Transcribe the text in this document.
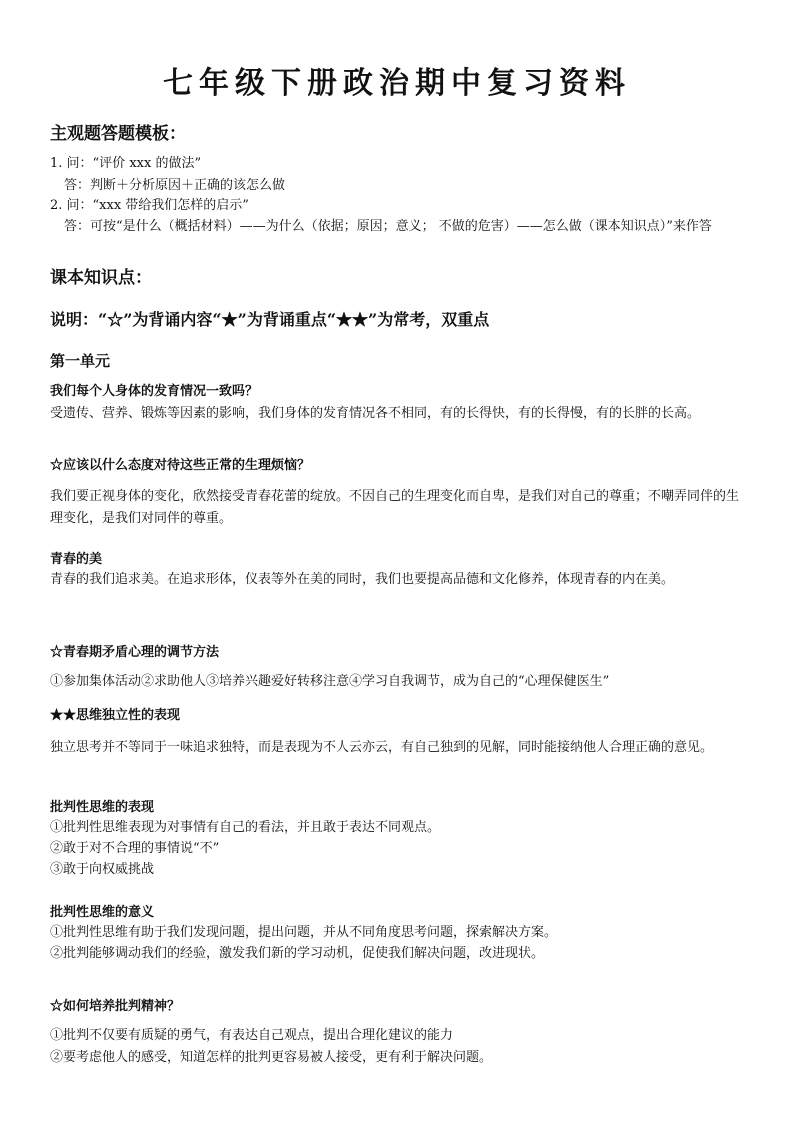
七年级下册政治期中复习资料
主观题答题模板：
1. 问：“评价 xxx 的做法”
答：判断＋分析原因＋正确的该怎么做
2. 问：“xxx 带给我们怎样的启示”
答：可按“是什么（概括材料）——为什么（依据；原因；意义； 不做的危害）——怎么做（课本知识点）”来作答
课本知识点：
说明：“☆”为背诵内容“★”为背诵重点“★★”为常考，双重点
第一单元
我们每个人身体的发育情况一致吗？
受遗传、营养、锻炼等因素的影响，我们身体的发育情况各不相同，有的长得快，有的长得慢，有的长胖的长高。
☆应该以什么态度对待这些正常的生理烦恼？
我们要正视身体的变化，欣然接受青春花蕾的绽放。不因自己的生理变化而自卑，是我们对自己的尊重；不嘲弄同伴的生理变化，是我们对同伴的尊重。
青春的美
青春的我们追求美。在追求形体，仪表等外在美的同时，我们也要提高品德和文化修养，体现青春的内在美。
☆青春期矛盾心理的调节方法
①参加集体活动②求助他人③培养兴趣爱好转移注意④学习自我调节，成为自己的“心理保健医生”
★★思维独立性的表现
独立思考并不等同于一味追求独特，而是表现为不人云亦云，有自己独到的见解，同时能接纳他人合理正确的意见。
批判性思维的表现
①批判性思维表现为对事情有自己的看法，并且敢于表达不同观点。
②敢于对不合理的事情说“不”
③敢于向权威挑战
批判性思维的意义
①批判性思维有助于我们发现问题，提出问题，并从不同角度思考问题，探索解决方案。
②批判能够调动我们的经验，激发我们新的学习动机，促使我们解决问题，改进现状。
☆如何培养批判精神？
①批判不仅要有质疑的勇气，有表达自己观点，提出合理化建议的能力
②要考虑他人的感受，知道怎样的批判更容易被人接受，更有利于解决问题。
